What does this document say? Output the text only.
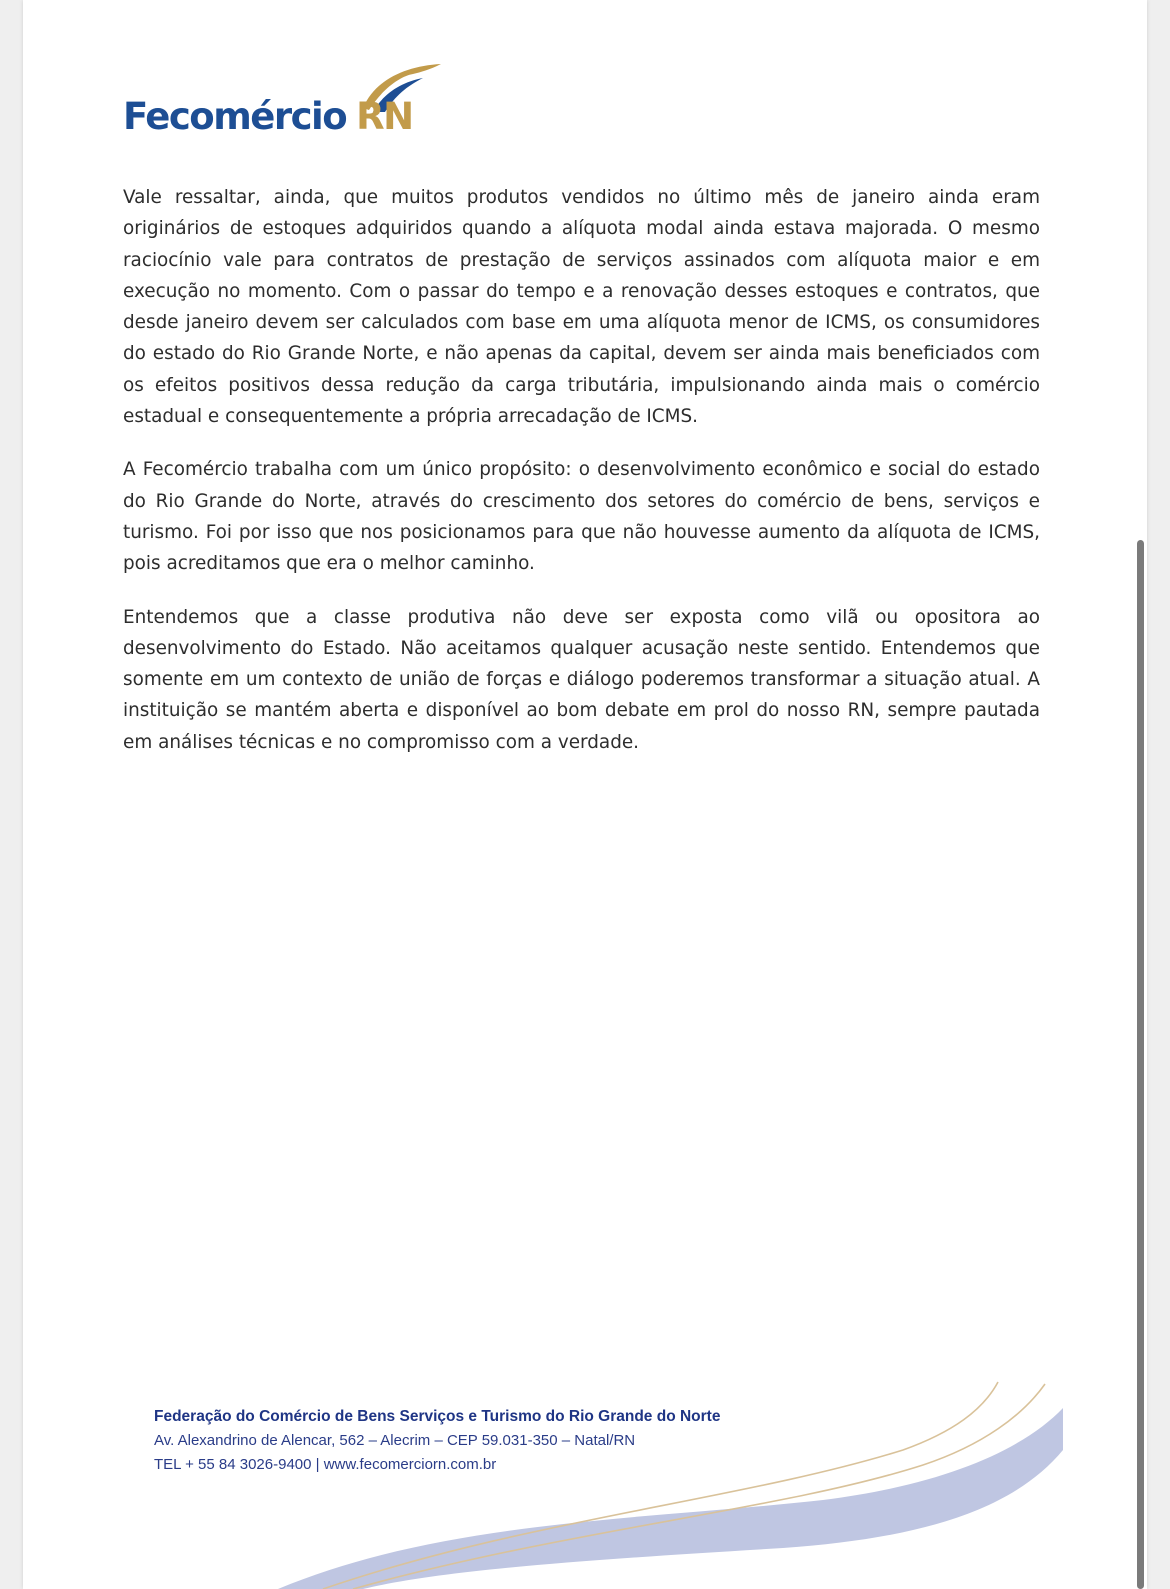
Fecomércio RN

Vale ressaltar, ainda, que muitos produtos vendidos no último mês de janeiro ainda eram originários de estoques adquiridos quando a alíquota modal ainda estava majorada. O mesmo raciocínio vale para contratos de prestação de serviços assinados com alíquota maior e em execução no momento. Com o passar do tempo e a renovação desses estoques e contratos, que desde janeiro devem ser calculados com base em uma alíquota menor de ICMS, os consumidores do estado do Rio Grande Norte, e não apenas da capital, devem ser ainda mais beneficiados com os efeitos positivos dessa redução da carga tributária, impulsionando ainda mais o comércio estadual e consequentemente a própria arrecadação de ICMS.

A Fecomércio trabalha com um único propósito: o desenvolvimento econômico e social do estado do Rio Grande do Norte, através do crescimento dos setores do comércio de bens, serviços e turismo. Foi por isso que nos posicionamos para que não houvesse aumento da alíquota de ICMS, pois acreditamos que era o melhor caminho.

Entendemos que a classe produtiva não deve ser exposta como vilã ou opositora ao desenvolvimento do Estado. Não aceitamos qualquer acusação neste sentido. Entendemos que somente em um contexto de união de forças e diálogo poderemos transformar a situação atual. A instituição se mantém aberta e disponível ao bom debate em prol do nosso RN, sempre pautada em análises técnicas e no compromisso com a verdade.

Federação do Comércio de Bens Serviços e Turismo do Rio Grande do Norte
Av. Alexandrino de Alencar, 562 – Alecrim – CEP 59.031-350 – Natal/RN
TEL + 55 84 3026-9400 | www.fecomerciorn.com.br
